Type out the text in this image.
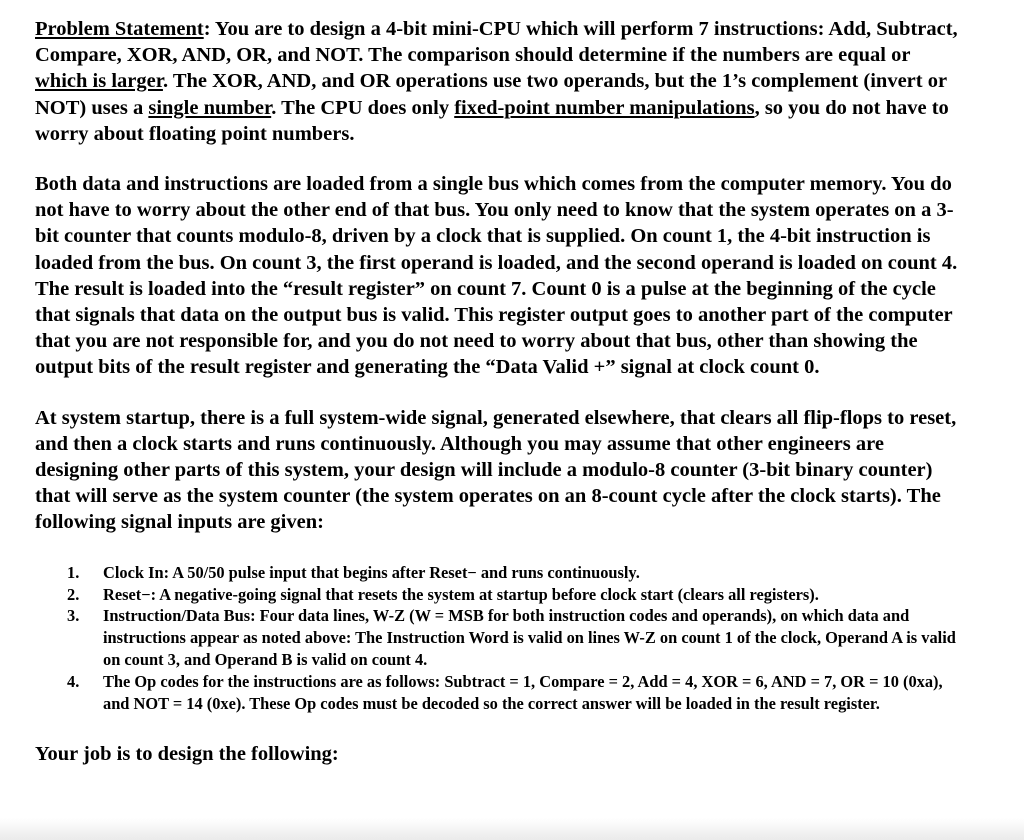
Problem Statement: You are to design a 4-bit mini-CPU which will perform 7 instructions: Add, Subtract, Compare, XOR, AND, OR, and NOT. The comparison should determine if the numbers are equal or which is larger. The XOR, AND, and OR operations use two operands, but the 1’s complement (invert or NOT) uses a single number. The CPU does only fixed-point number manipulations, so you do not have to worry about floating point numbers.

Both data and instructions are loaded from a single bus which comes from the computer memory. You do not have to worry about the other end of that bus. You only need to know that the system operates on a 3-bit counter that counts modulo-8, driven by a clock that is supplied. On count 1, the 4-bit instruction is loaded from the bus. On count 3, the first operand is loaded, and the second operand is loaded on count 4. The result is loaded into the “result register” on count 7. Count 0 is a pulse at the beginning of the cycle that signals that data on the output bus is valid. This register output goes to another part of the computer that you are not responsible for, and you do not need to worry about that bus, other than showing the output bits of the result register and generating the “Data Valid +” signal at clock count 0.

At system startup, there is a full system-wide signal, generated elsewhere, that clears all flip-flops to reset, and then a clock starts and runs continuously. Although you may assume that other engineers are designing other parts of this system, your design will include a modulo-8 counter (3-bit binary counter) that will serve as the system counter (the system operates on an 8-count cycle after the clock starts). The following signal inputs are given:

1. Clock In: A 50/50 pulse input that begins after Reset− and runs continuously.
2. Reset−: A negative-going signal that resets the system at startup before clock start (clears all registers).
3. Instruction/Data Bus: Four data lines, W-Z (W = MSB for both instruction codes and operands), on which data and instructions appear as noted above: The Instruction Word is valid on lines W-Z on count 1 of the clock, Operand A is valid on count 3, and Operand B is valid on count 4.
4. The Op codes for the instructions are as follows: Subtract = 1, Compare = 2, Add = 4, XOR = 6, AND = 7, OR = 10 (0xa), and NOT = 14 (0xe). These Op codes must be decoded so the correct answer will be loaded in the result register.

Your job is to design the following:
